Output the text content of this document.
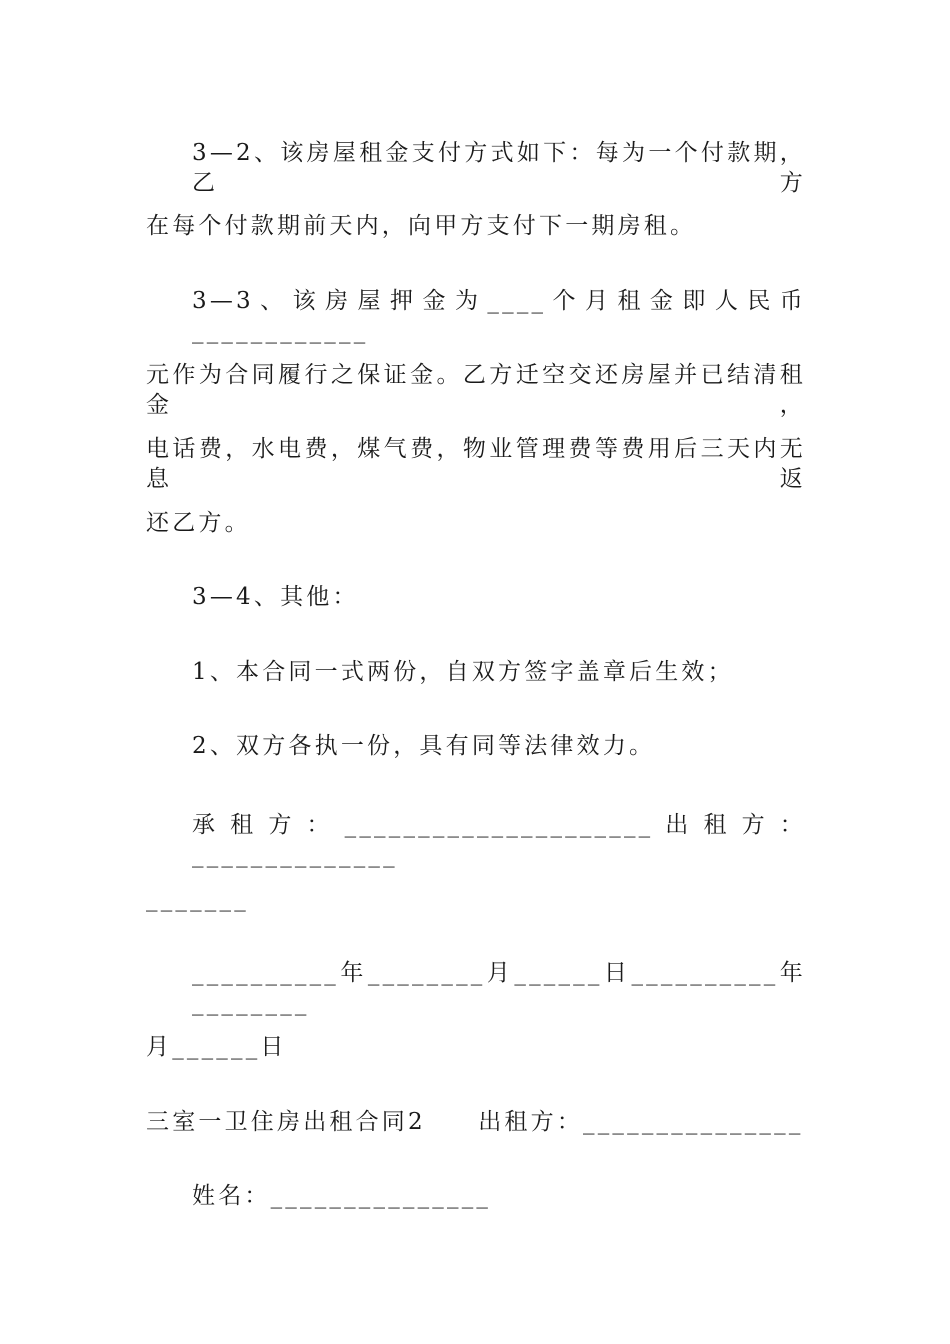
3—2、该房屋租金支付方式如下：每为一个付款期，乙方
在每个付款期前天内，向甲方支付下一期房租。
3—3、该房屋押金为____个月租金即人民币____________
元作为合同履行之保证金。乙方迁空交还房屋并已结清租金，
电话费，水电费，煤气费，物业管理费等费用后三天内无息返
还乙方。
3—4、其他：
1、本合同一式两份，自双方签字盖章后生效；
2、双方各执一份，具有同等法律效力。
承租方：_____________________出租方：______________
_______
__________年________月______日__________年________
月______日
三室一卫住房出租合同2　　出租方：_______________
姓名：_______________
